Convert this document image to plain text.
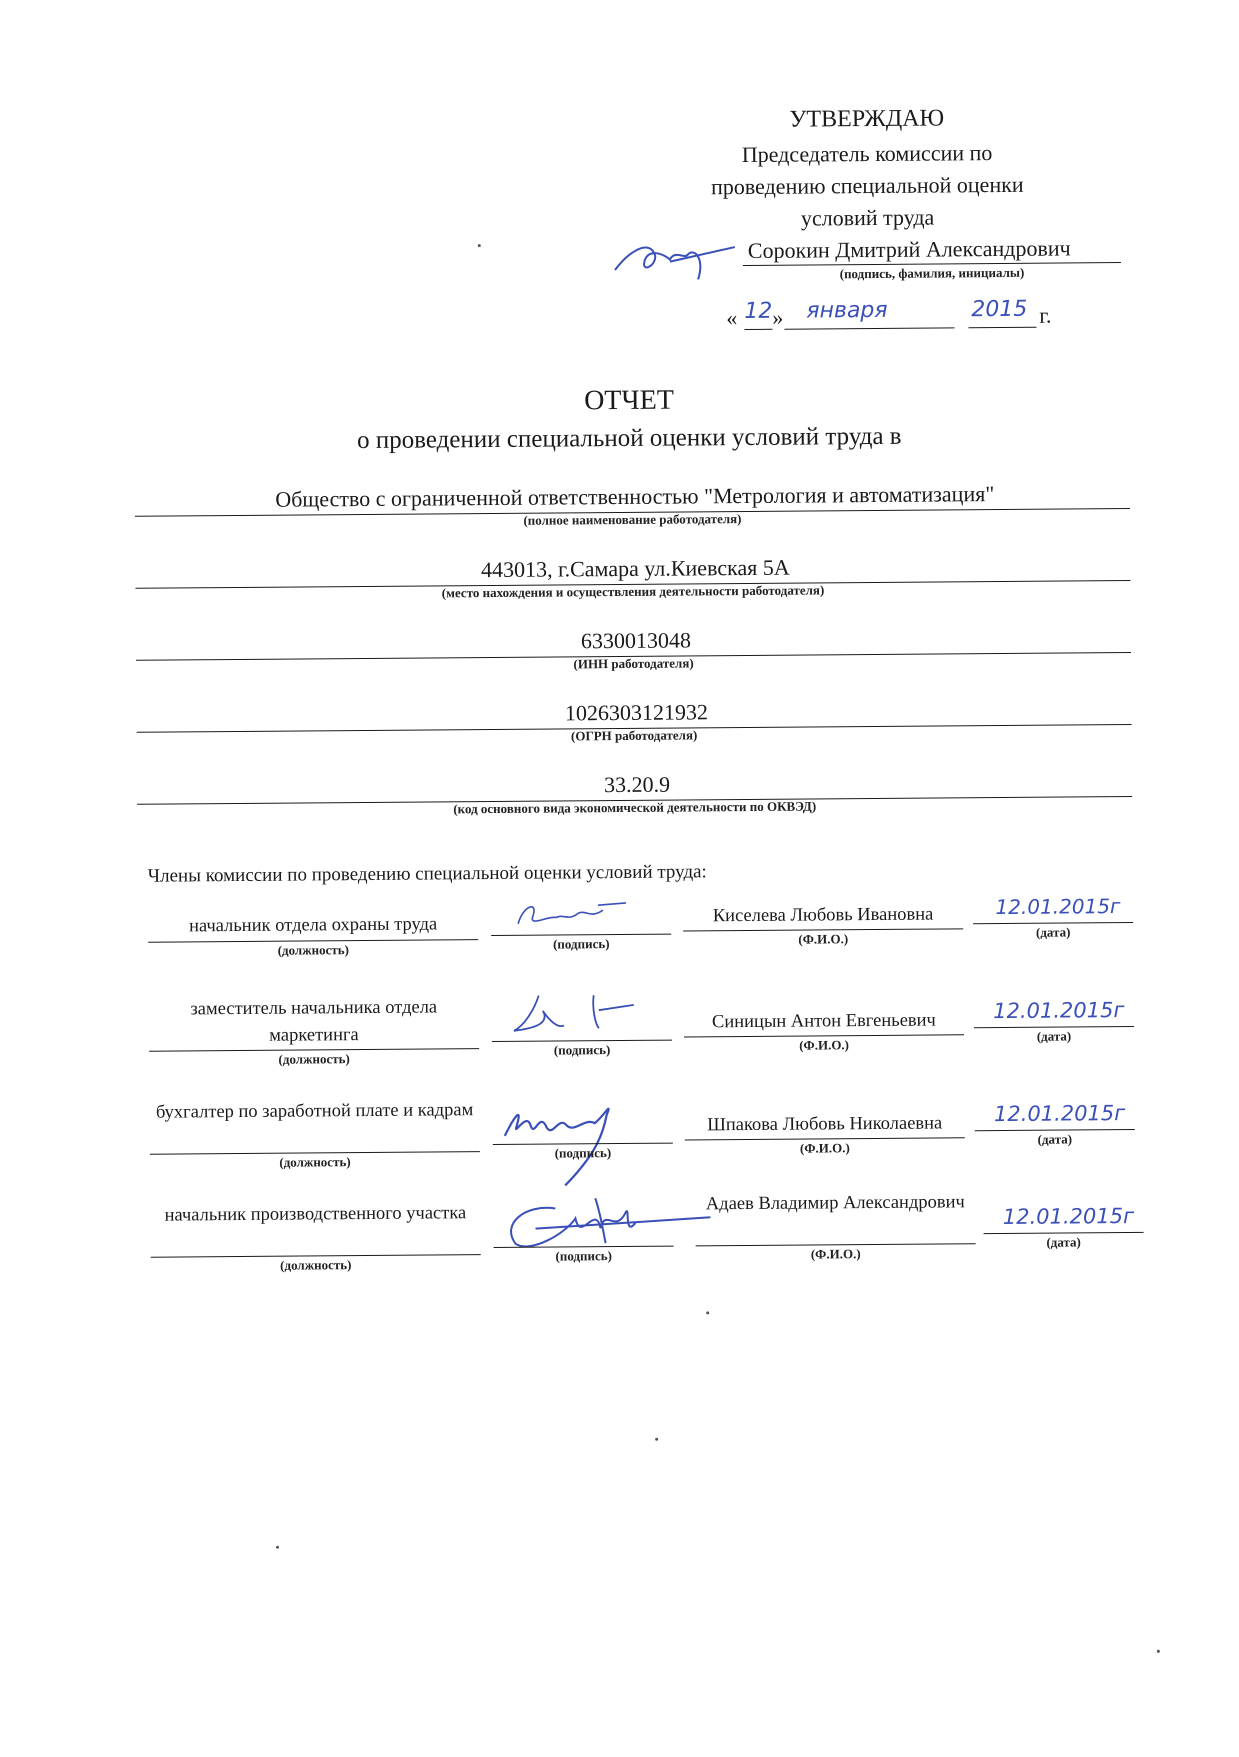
УТВЕРЖДАЮ
Председатель комиссии по
проведению специальной оценки
условий труда
Сорокин Дмитрий Александрович
(подпись, фамилия, инициалы)
« 12 » января	2015 г.
ОТЧЕТ
о проведении специальной оценки условий труда в
Общество с ограниченной ответственностью "Метрология и автоматизация"
(полное наименование работодателя)
443013, г.Самара ул.Киевская 5А
(место нахождения и осуществления деятельности работодателя)
6330013048
(ИНН работодателя)
1026303121932
(ОГРН работодателя)
33.20.9
(код основного вида экономической деятельности по ОКВЭД)
Члены комиссии по проведению специальной оценки условий труда:
начальник отдела охраны труда
(должность)	(подпись)
Киселева Любовь Ивановна
(Ф.И.О.)
12.01.2015г
(дата)
заместитель начальника отдела маркетинга
(должность)
(подпись)
Синицын Антон Евгеньевич
(Ф.И.О.)
12.01.2015г
(дата)
бухгалтер по заработной плате и кадрам
(должность)
(подпись)
Шпакова Любовь Николаевна
(Ф.И.О.)
12.01.2015г
(дата)
начальник производственного участка
(должность)
(подпись)
Адаев Владимир Александрович
(Ф.И.О.)
12.01.2015г
(дата)
